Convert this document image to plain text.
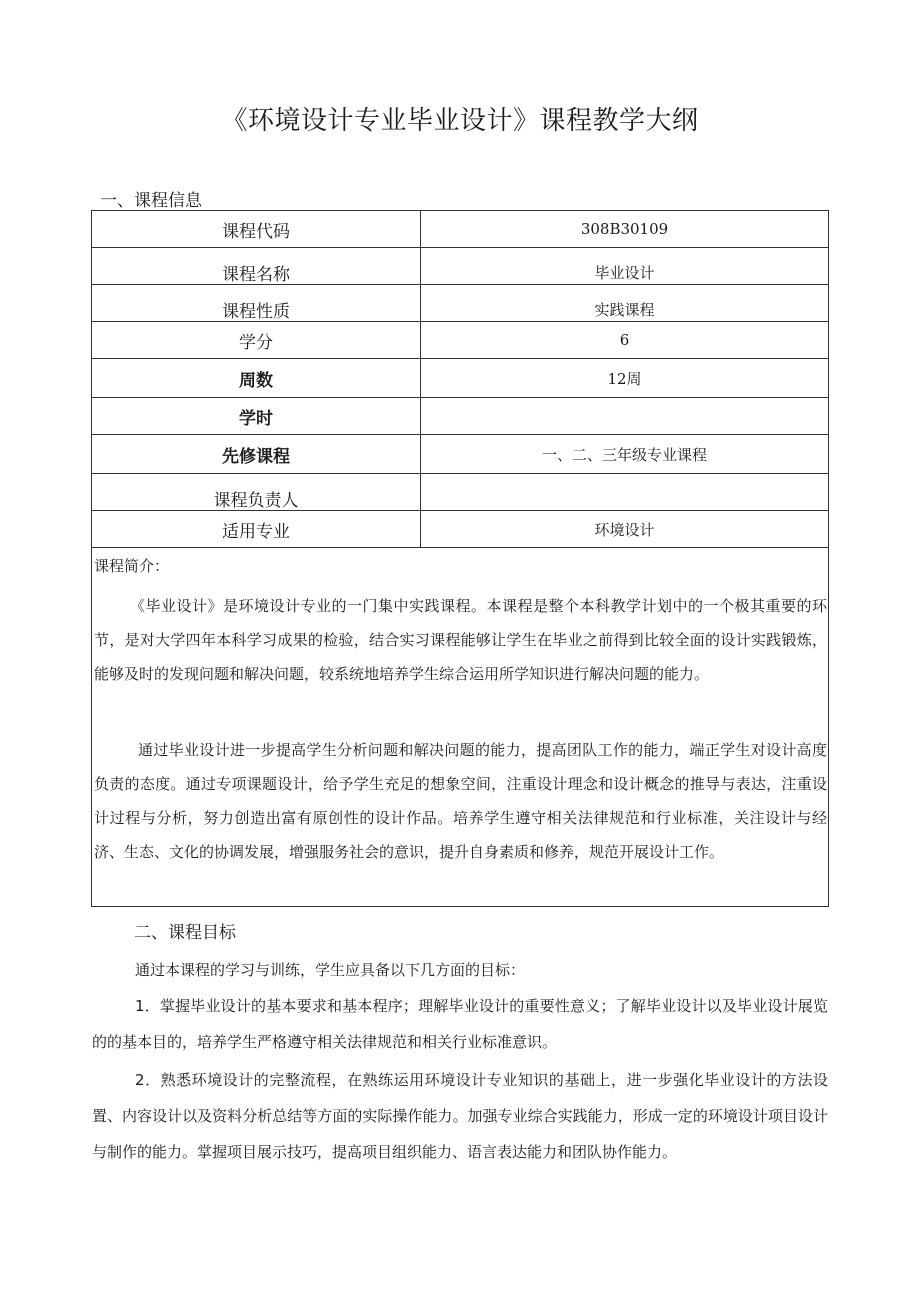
《环境设计专业毕业设计》课程教学大纲

一、课程信息

课程代码	308B30109
课程名称	毕业设计
课程性质	实践课程
学分	6
周数	12周
学时	
先修课程	一、二、三年级专业课程
课程负责人	
适用专业	环境设计

课程简介：

《毕业设计》是环境设计专业的一门集中实践课程。本课程是整个本科教学计划中的一个极其重要的环节，是对大学四年本科学习成果的检验，结合实习课程能够让学生在毕业之前得到比较全面的设计实践锻炼，能够及时的发现问题和解决问题，较系统地培养学生综合运用所学知识进行解决问题的能力。

通过毕业设计进一步提高学生分析问题和解决问题的能力，提高团队工作的能力，端正学生对设计高度负责的态度。通过专项课题设计，给予学生充足的想象空间，注重设计理念和设计概念的推导与表达，注重设计过程与分析，努力创造出富有原创性的设计作品。培养学生遵守相关法律规范和行业标准，关注设计与经济、生态、文化的协调发展，增强服务社会的意识，提升自身素质和修养，规范开展设计工作。

二、课程目标

通过本课程的学习与训练，学生应具备以下几方面的目标：

1．掌握毕业设计的基本要求和基本程序；理解毕业设计的重要性意义；了解毕业设计以及毕业设计展览的的基本目的，培养学生严格遵守相关法律规范和相关行业标准意识。

2．熟悉环境设计的完整流程，在熟练运用环境设计专业知识的基础上，进一步强化毕业设计的方法设置、内容设计以及资料分析总结等方面的实际操作能力。加强专业综合实践能力，形成一定的环境设计项目设计与制作的能力。掌握项目展示技巧，提高项目组织能力、语言表达能力和团队协作能力。
